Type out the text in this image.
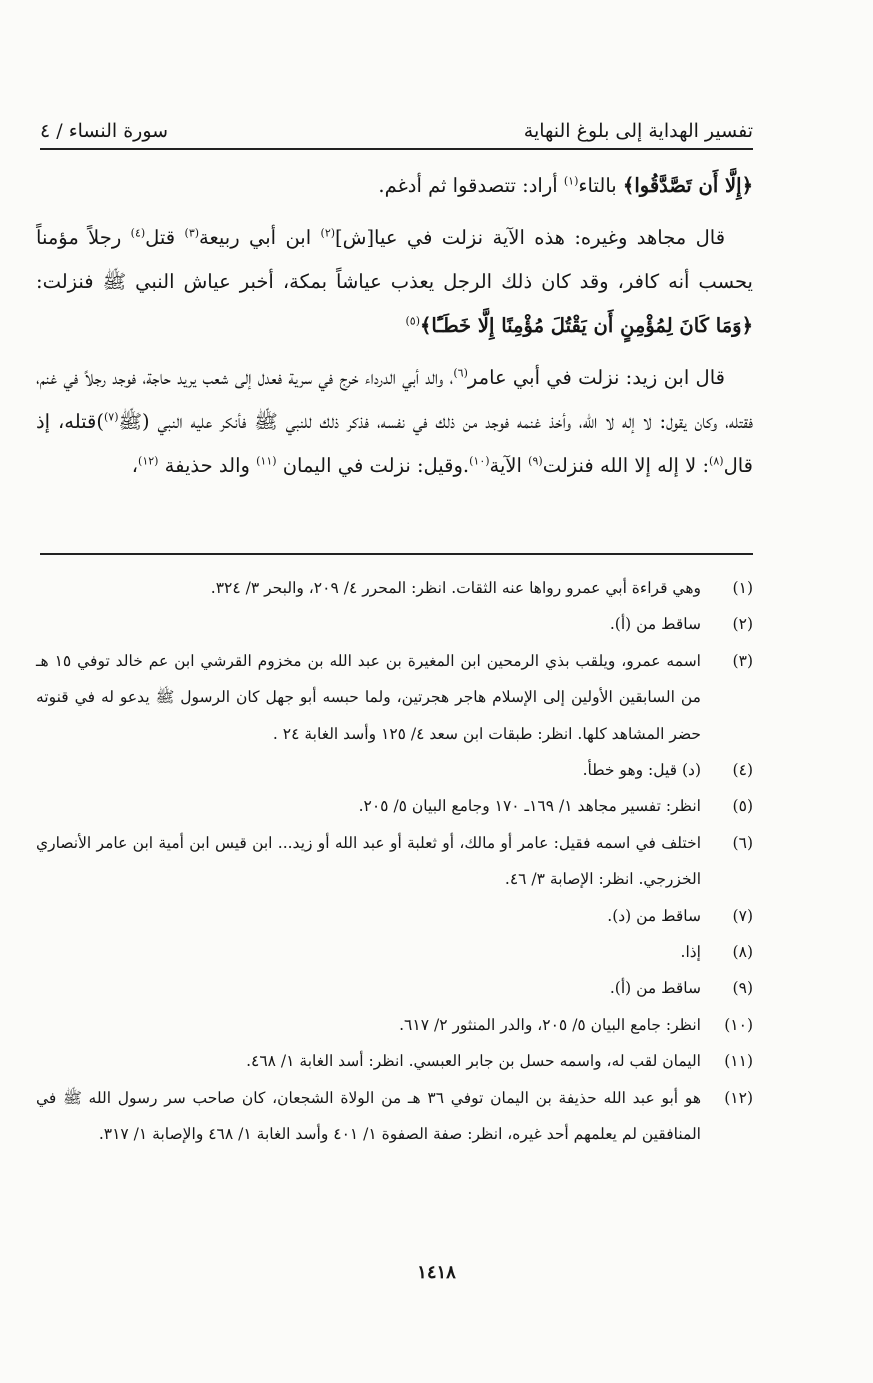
تفسير الهداية إلى بلوغ النهاية
سورة النساء / ٤

﴿إِلَّا أَن تَصَّدَّقُوا﴾ بالتاء$^{(١)}$ أراد: تتصدقوا ثم أدغم.

قال مجاهد وغيره: هذه الآية نزلت في عيا[ش]$^{(٢)}$ ابن أبي ربيعة$^{(٣)}$ قتل$^{(٤)}$ رجلاً مؤمناً يحسب أنه كافر، وقد كان ذلك الرجل يعذب عياشاً بمكة، أخبر عياش النبي ﷺ فنزلت: ﴿وَمَا كَانَ لِمُؤْمِنٍ أَن يَقْتُلَ مُؤْمِنًا إِلَّا خَطَـًٔا﴾$^{(٥)}$

قال ابن زيد: نزلت في أبي عامر$^{(٦)}$، والد أبي الدرداء خرج في سرية فعدل إلى شعب يريد حاجة، فوجد رجلاً في غنم، فقتله، وكان يقول: لا إله لا الله، وأخذ غنمه فوجد من ذلك في نفسه، فذكر ذلك للنبي ﷺ فأنكر عليه النبي (ﷺ$^{(٧)}$)قتله، إذ قال$^{(٨)}$: لا إله إلا الله فنزلت$^{(٩)}$ الآية$^{(١٠)}$.وقيل: نزلت في اليمان $^{(١١)}$ والد حذيفة $^{(١٢)}$،

(١)
وهي قراءة أبي عمرو رواها عنه الثقات. انظر: المحرر ٤/ ٢٠٩، والبحر ٣/ ٣٢٤.
(٢)
ساقط من (أ).
(٣)
اسمه عمرو، ويلقب بذي الرمحين ابن المغيرة بن عبد الله بن مخزوم القرشي ابن عم خالد توفي ١٥ هـ من السابقين الأولين إلى الإسلام هاجر هجرتين، ولما حبسه أبو جهل كان الرسول ﷺ يدعو له في قنوته حضر المشاهد كلها. انظر: طبقات ابن سعد ٤/ ١٢٥ وأسد الغابة ٢٤ .
(٤)
(د) قيل: وهو خطأ.
(٥)
انظر: تفسير مجاهد ١/ ١٦٩ـ ١٧٠ وجامع البيان ٥/ ٢٠٥.
(٦)
اختلف في اسمه فقيل: عامر أو مالك، أو ثعلبة أو عبد الله أو زيد... ابن قيس ابن أمية ابن عامر الأنصاري الخزرجي. انظر: الإصابة ٣/ ٤٦.
(٧)
ساقط من (د).
(٨)
إذا.
(٩)
ساقط من (أ).
(١٠)
انظر: جامع البيان ٥/ ٢٠٥، والدر المنثور ٢/ ٦١٧.
(١١)
اليمان لقب له، واسمه حسل بن جابر العبسي. انظر: أسد الغابة ١/ ٤٦٨.
(١٢)
هو أبو عبد الله حذيفة بن اليمان توفي ٣٦ هـ من الولاة الشجعان، كان صاحب سر رسول الله ﷺ في المنافقين لم يعلمهم أحد غيره، انظر: صفة الصفوة ١/ ٤٠١ وأسد الغابة ١/ ٤٦٨ والإصابة ١/ ٣١٧.
١٤١٨
